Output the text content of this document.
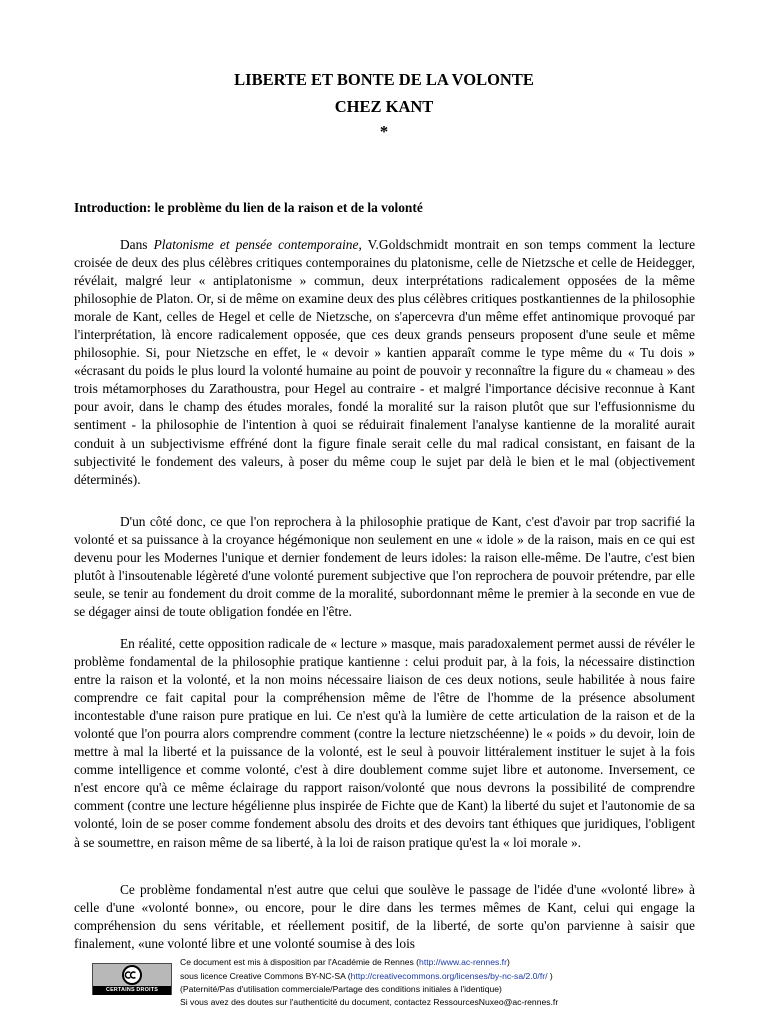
LIBERTE ET BONTE DE LA VOLONTE
CHEZ KANT
*
Introduction: le problème du lien de la raison et de la volonté

Dans Platonisme et pensée contemporaine, V.Goldschmidt montrait en son temps comment la lecture croisée de deux des plus célèbres critiques contemporaines du platonisme, celle de Nietzsche et celle de Heidegger, révélait, malgré leur « antiplatonisme » commun, deux interprétations radicalement opposées de la même philosophie de Platon. Or, si de même on examine deux des plus célèbres critiques postkantiennes de la philosophie morale de Kant, celles de Hegel et celle de Nietzsche, on s'apercevra d'un même effet antinomique provoqué par l'interprétation, là encore radicalement opposée, que ces deux grands penseurs proposent d'une seule et même philosophie. Si, pour Nietzsche en effet, le « devoir » kantien apparaît comme le type même du « Tu dois » «écrasant du poids le plus lourd la volonté humaine au point de pouvoir y reconnaître la figure du « chameau » des trois métamorphoses du Zarathoustra, pour Hegel au contraire - et malgré l'importance décisive reconnue à Kant pour avoir, dans le champ des études morales, fondé la moralité sur la raison plutôt que sur l'effusionnisme du sentiment - la philosophie de l'intention à quoi se réduirait finalement l'analyse kantienne de la moralité aurait conduit à un subjectivisme effréné dont la figure finale serait celle du mal radical consistant, en faisant de la subjectivité le fondement des valeurs, à poser du même coup le sujet par delà le bien et le mal (objectivement déterminés).

D'un côté donc, ce que l'on reprochera à la philosophie pratique de Kant, c'est d'avoir par trop sacrifié la volonté et sa puissance à la croyance hégémonique non seulement en une « idole » de la raison, mais en ce qui est devenu pour les Modernes l'unique et dernier fondement de leurs idoles: la raison elle-même. De l'autre, c'est bien plutôt à l'insoutenable légèreté d'une volonté purement subjective que l'on reprochera de pouvoir prétendre, par elle seule, se tenir au fondement du droit comme de la moralité, subordonnant même le premier à la seconde en vue de se dégager ainsi de toute obligation fondée en l'être.

En réalité, cette opposition radicale de « lecture » masque, mais paradoxalement permet aussi de révéler le problème fondamental de la philosophie pratique kantienne : celui produit par, à la fois, la nécessaire distinction entre la raison et la volonté, et la non moins nécessaire liaison de ces deux notions, seule habilitée à nous faire comprendre ce fait capital pour la compréhension même de l'être de l'homme de la présence absolument incontestable d'une raison pure pratique en lui. Ce n'est qu'à la lumière de cette articulation de la raison et de la volonté que l'on pourra alors comprendre comment (contre la lecture nietzschéenne) le « poids » du devoir, loin de mettre à mal la liberté et la puissance de la volonté, est le seul à pouvoir littéralement instituer le sujet à la fois comme intelligence et comme volonté, c'est à dire doublement comme sujet libre et autonome. Inversement, ce n'est encore qu'à ce même éclairage du rapport raison/volonté que nous devrons la possibilité de comprendre comment (contre une lecture hégélienne plus inspirée de Fichte que de Kant) la liberté du sujet et l'autonomie de sa volonté, loin de se poser comme fondement absolu des droits et des devoirs tant éthiques que juridiques, l'obligent à se soumettre, en raison même de sa liberté, à la loi de raison pratique qu'est la « loi morale ».

Ce problème fondamental n'est autre que celui que soulève le passage de l'idée d'une «volonté libre» à celle d'une «volonté bonne», ou encore, pour le dire dans les termes mêmes de Kant, celui qui engage la compréhension du sens véritable, et réellement positif, de la liberté, de sorte qu'on parvienne à saisir que finalement, «une volonté libre et une volonté soumise à des lois

CERTAINS DROITS RÉSERVÉS

Ce document est mis à disposition par l'Académie de Rennes (http://www.ac-rennes.fr)

sous licence Creative Commons BY-NC-SA (http://creativecommons.org/licenses/by-nc-sa/2.0/fr/ )

(Paternité/Pas d'utilisation commerciale/Partage des conditions initiales à l'identique)

Si vous avez des doutes sur l'authenticité du document, contactez RessourcesNuxeo@ac-rennes.fr
